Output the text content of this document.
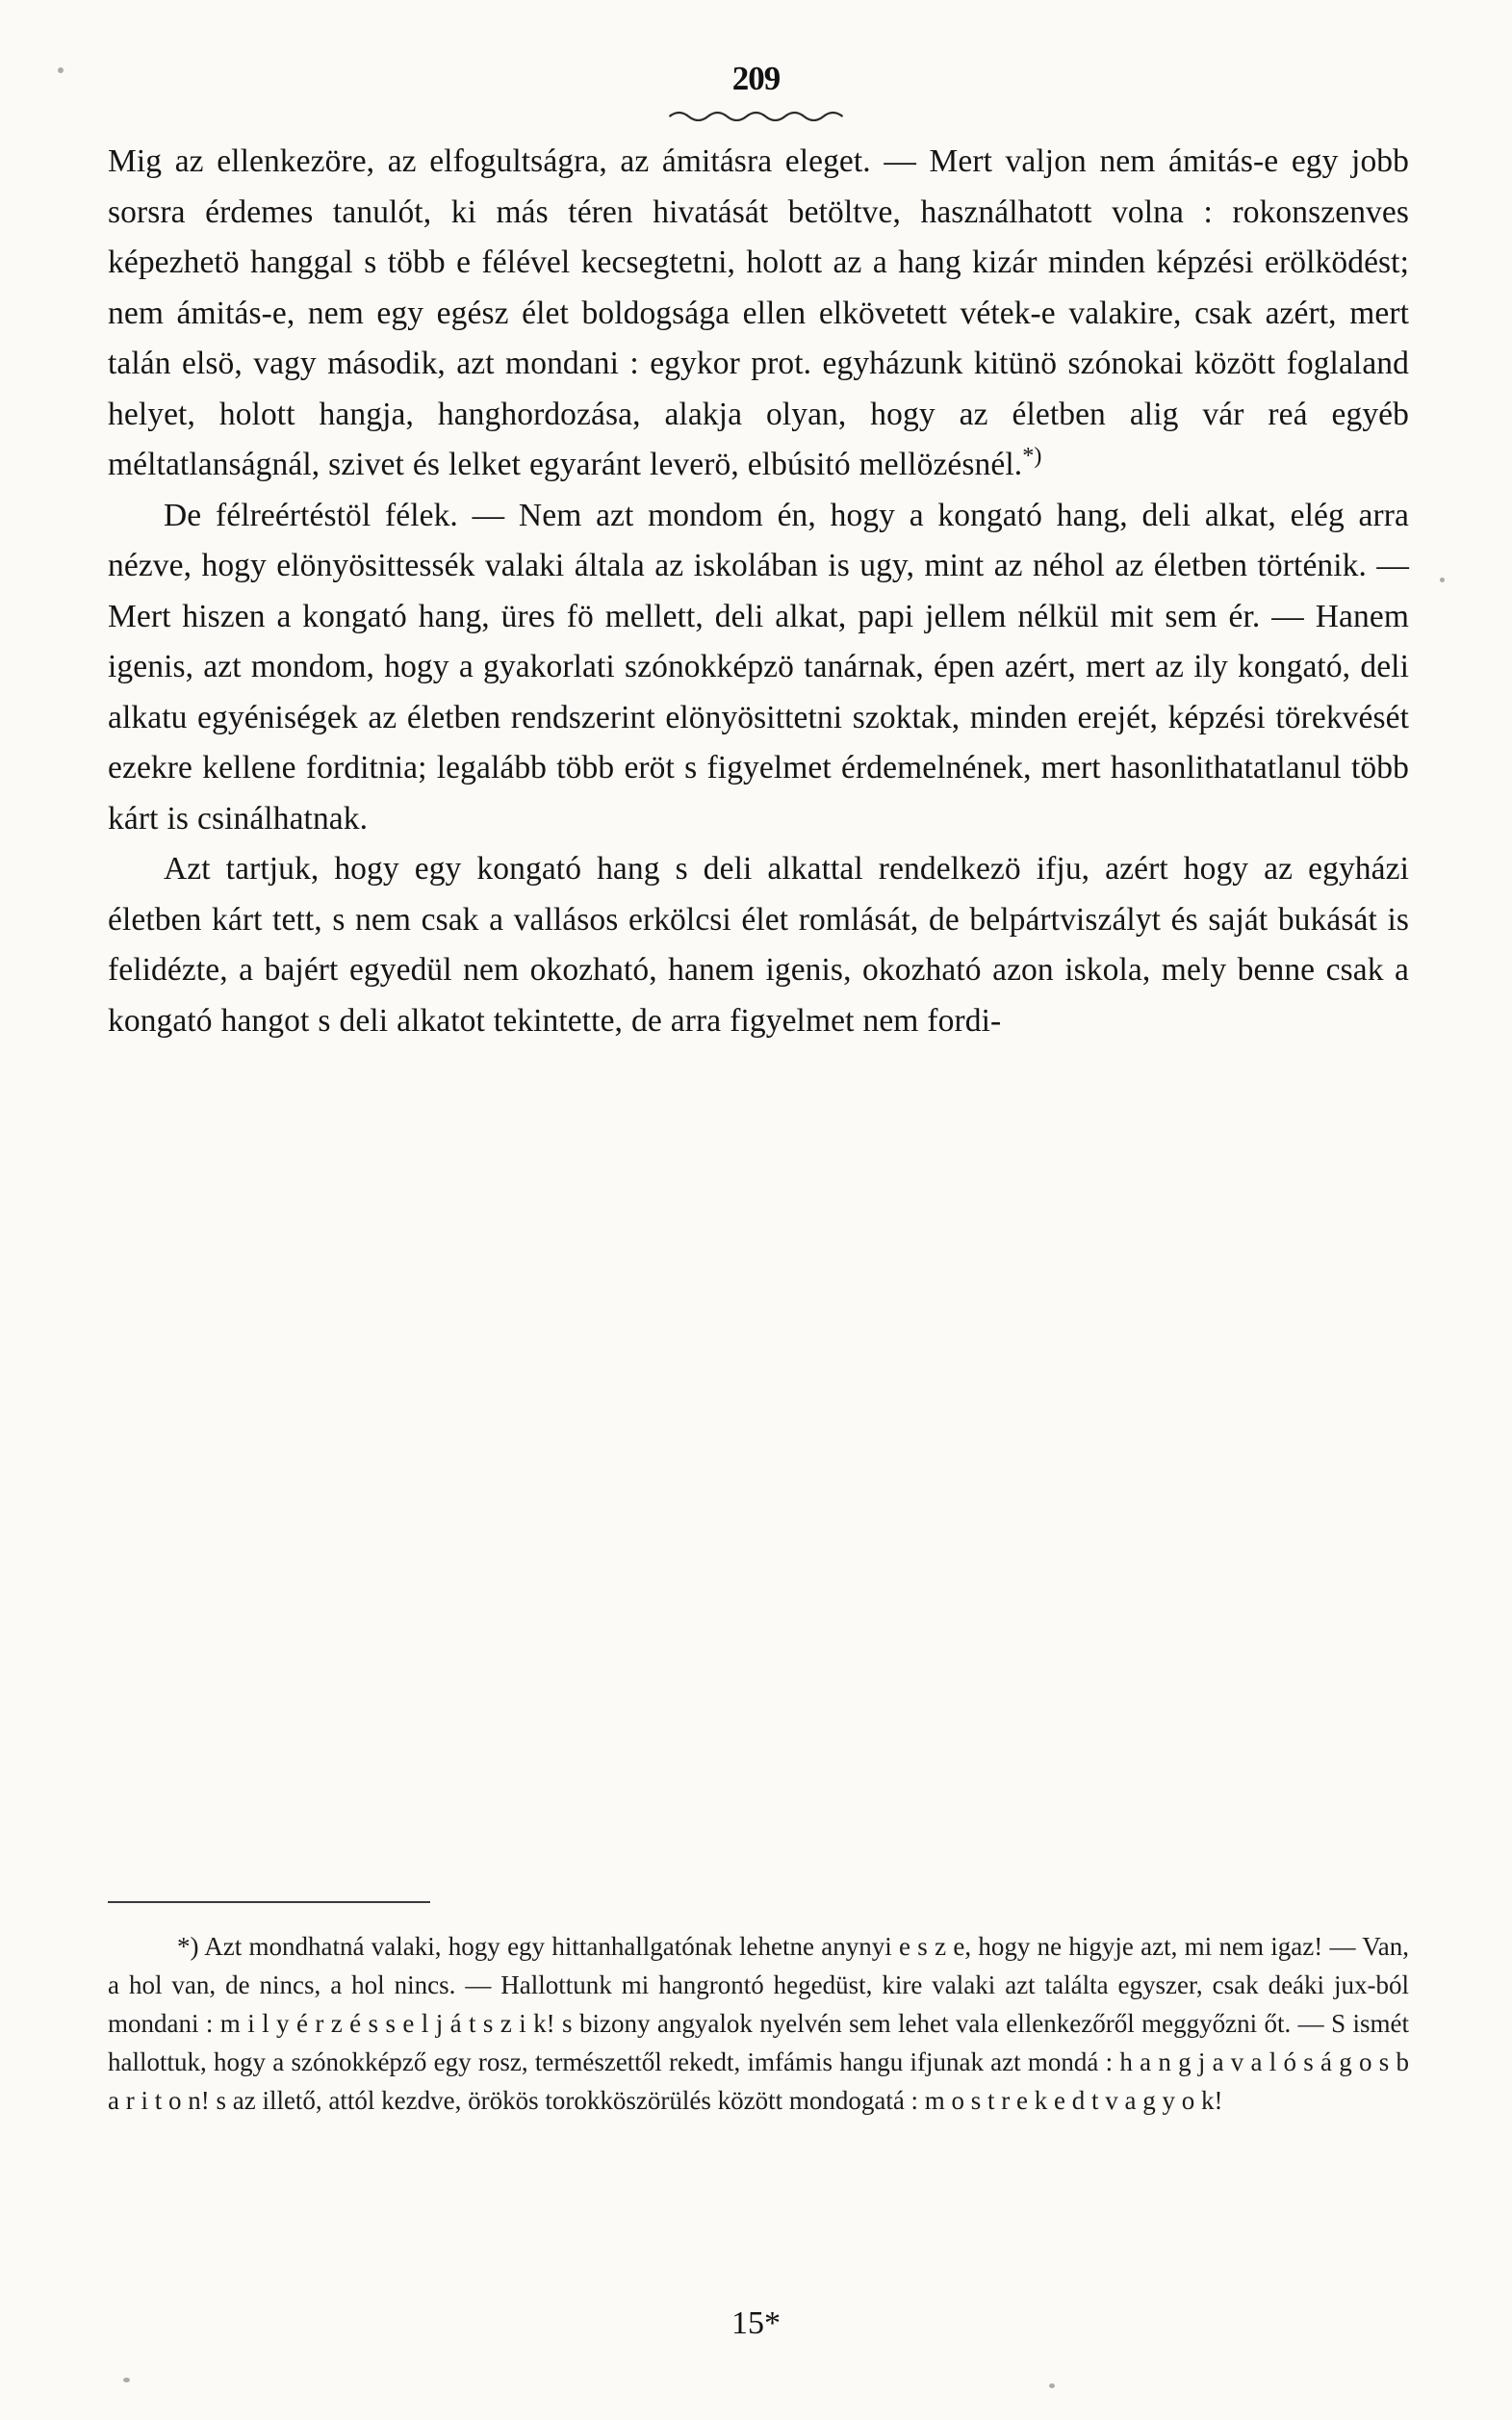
209

Mig az ellenkezöre, az elfogultságra, az ámitásra eleget. — Mert valjon nem ámitás-e egy jobb sorsra érdemes tanulót, ki más téren hivatását betöltve, használhatott volna : rokonszenves képezhetö hanggal s több e félével kecsegtetni, holott az a hang kizár minden képzési erölködést; nem ámitás-e, nem egy egész élet boldogsága ellen elkövetett vétek-e valakire, csak azért, mert talán elsö, vagy második, azt mondani : egykor prot. egyházunk kitünö szónokai között foglaland helyet, holott hangja, hanghordozása, alakja olyan, hogy az életben alig vár reá egyéb méltatlanságnál, szivet és lelket egyaránt leverö, elbúsitó mellözésnél.*)

De félreértéstöl félek. — Nem azt mondom én, hogy a kongató hang, deli alkat, elég arra nézve, hogy elönyösittessék valaki általa az iskolában is ugy, mint az néhol az életben történik. — Mert hiszen a kongató hang, üres fö mellett, deli alkat, papi jellem nélkül mit sem ér. — Hanem igenis, azt mondom, hogy a gyakorlati szónokképzö tanárnak, épen azért, mert az ily kongató, deli alkatu egyéniségek az életben rendszerint elönyösittetni szoktak, minden erejét, képzési törekvését ezekre kellene forditnia; legalább több eröt s figyelmet érdemelnének, mert hasonlithatatlanul több kárt is csinálhatnak.

Azt tartjuk, hogy egy kongató hang s deli alkattal rendelkezö ifju, azért hogy az egyházi életben kárt tett, s nem csak a vallásos erkölcsi élet romlását, de belpártviszályt és saját bukását is felidézte, a bajért egyedül nem okozható, hanem igenis, okozható azon iskola, mely benne csak a kongató hangot s deli alkatot tekintette, de arra figyelmet nem fordi-

*) Azt mondhatná valaki, hogy egy hittanhallgatónak lehetne anynyi e s z e, hogy ne higyje azt, mi nem igaz! — Van, a hol van, de nincs, a hol nincs. — Hallottunk mi hangrontó hegedüst, kire valaki azt találta egyszer, csak deáki jux-ból mondani : m i l y é r z é s s e l j á t s z i k! s bizony angyalok nyelvén sem lehet vala ellenkezőről meggyőzni őt. — S ismét hallottuk, hogy a szónokképző egy rosz, természettől rekedt, imfámis hangu ifjunak azt mondá : h a n g j a v a l ó s á g o s b a r i t o n! s az illető, attól kezdve, örökös torokköszörülés között mondogatá : m o s t r e k e d t v a g y o k!
15*
